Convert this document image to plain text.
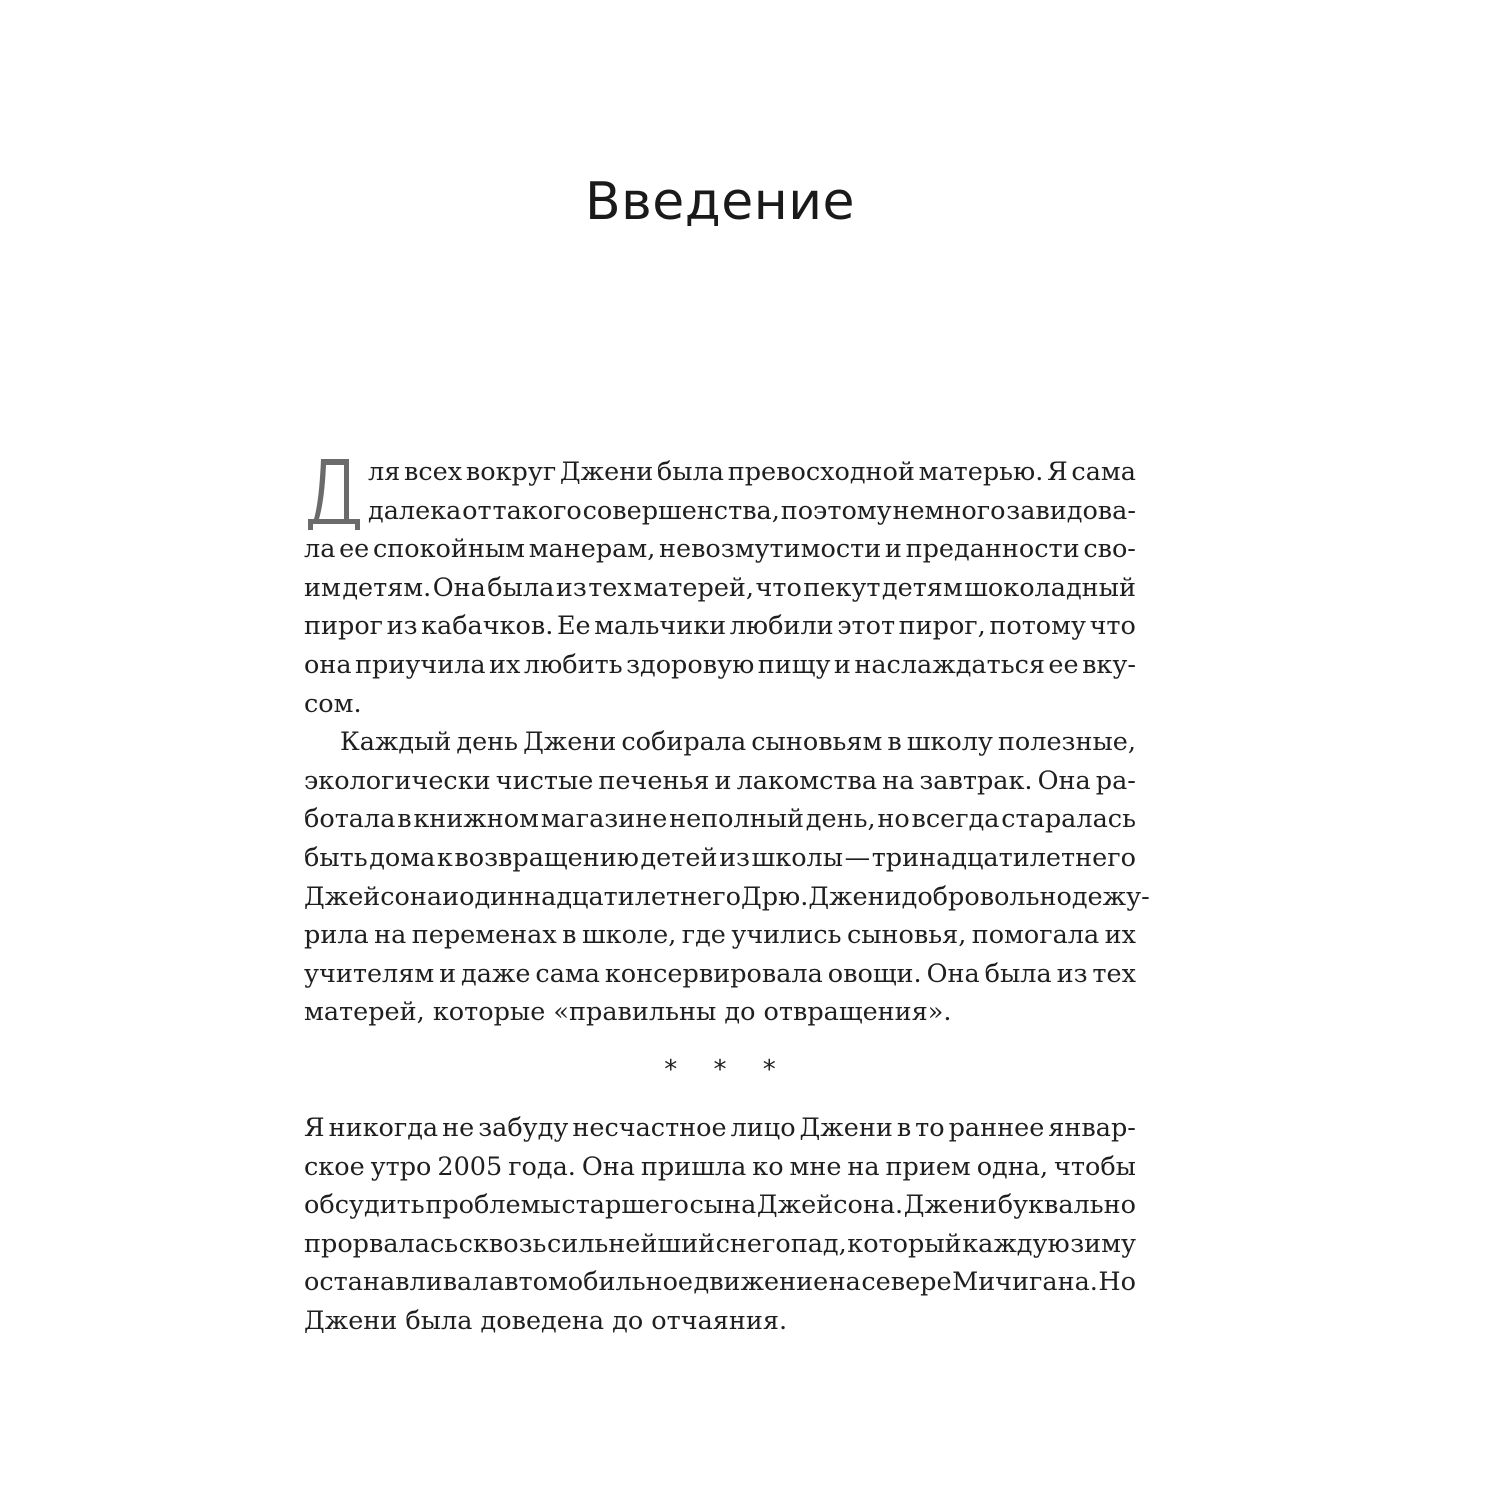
Введение
ля всех вокруг Джени была превосходной матерью. Я сама
далека от такого совершенства, поэтому немного завидова-
ла ее спокойным манерам, невозмутимости и преданности сво-
им детям. Она была из тех матерей, что пекут детям шоколадный
пирог из кабачков. Ее мальчики любили этот пирог, потому что
она приучила их любить здоровую пищу и наслаждаться ее вку-
сом.
Каждый день Джени собирала сыновьям в школу полезные,
экологически чистые печенья и лакомства на завтрак. Она ра-
ботала в книжном магазине неполный день, но всегда старалась
быть дома к возвращению детей из школы — тринадцатилетнего
Джейсона и одиннадцатилетнего Дрю. Джени добровольно дежу-
рила на переменах в школе, где учились сыновья, помогала их
учителям и даже сама консервировала овощи. Она была из тех
матерей, которые «правильны до отвращения».
* * *
Я никогда не забуду несчастное лицо Джени в то раннее январ-
ское утро 2005 года. Она пришла ко мне на прием одна, чтобы
обсудить проблемы старшего сына Джейсона. Джени буквально
прорвалась сквозь сильнейший снегопад, который каждую зиму
останавливал автомобильное движение на севере Мичигана. Но
Джени была доведена до отчаяния.
